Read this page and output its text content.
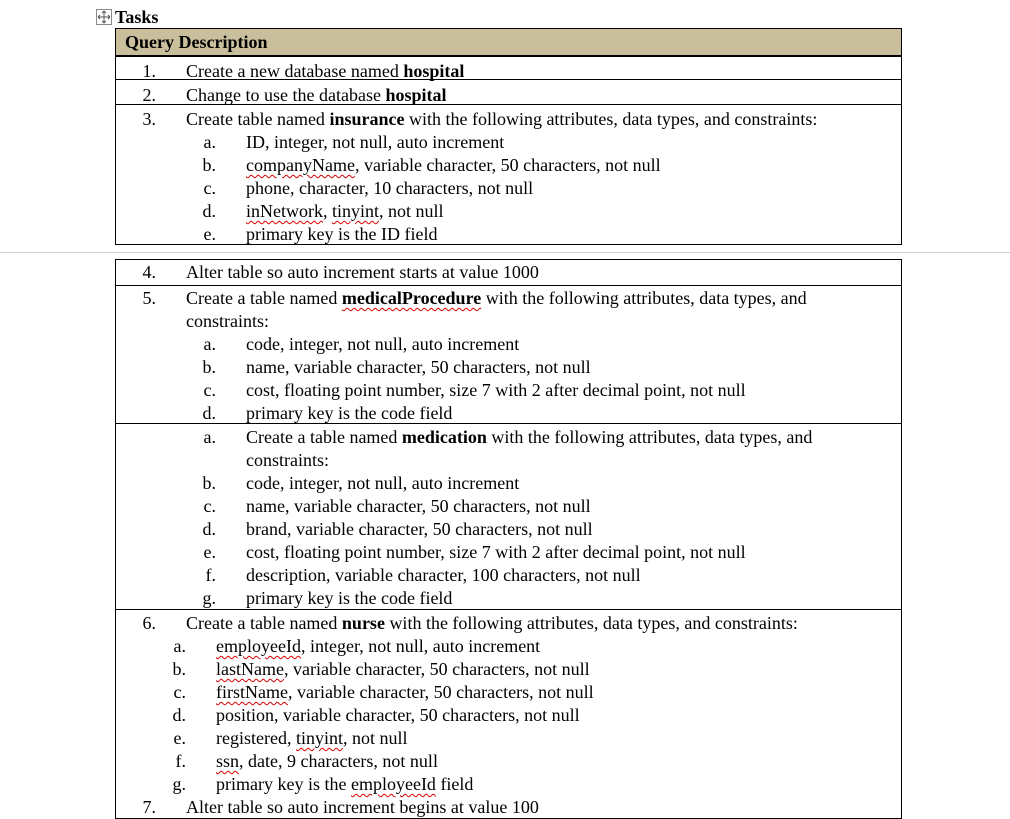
Tasks
Query Description
1. Create a new database named hospital
2. Change to use the database hospital
3. Create table named insurance with the following attributes, data types, and constraints:
a. ID, integer, not null, auto increment
b. companyName, variable character, 50 characters, not null
c. phone, character, 10 characters, not null
d. inNetwork, tinyint, not null
e. primary key is the ID field
4. Alter table so auto increment starts at value 1000
5. Create a table named medicalProcedure with the following attributes, data types, and
constraints:
a. code, integer, not null, auto increment
b. name, variable character, 50 characters, not null
c. cost, floating point number, size 7 with 2 after decimal point, not null
d. primary key is the code field
a. Create a table named medication with the following attributes, data types, and
constraints:
b. code, integer, not null, auto increment
c. name, variable character, 50 characters, not null
d. brand, variable character, 50 characters, not null
e. cost, floating point number, size 7 with 2 after decimal point, not null
f. description, variable character, 100 characters, not null
g. primary key is the code field
6. Create a table named nurse with the following attributes, data types, and constraints:
a. employeeId, integer, not null, auto increment
b. lastName, variable character, 50 characters, not null
c. firstName, variable character, 50 characters, not null
d. position, variable character, 50 characters, not null
e. registered, tinyint, not null
f. ssn, date, 9 characters, not null
g. primary key is the employeeId field
7. Alter table so auto increment begins at value 100
